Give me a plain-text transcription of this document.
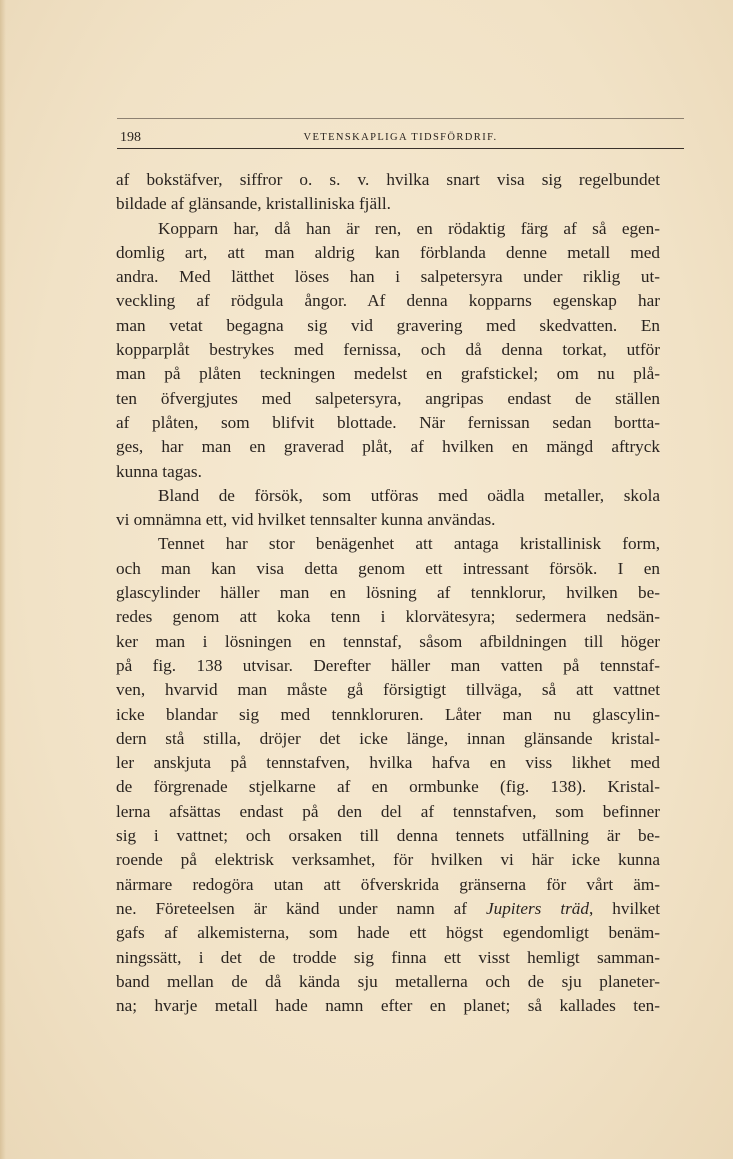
198	VETENSKAPLIGA TIDSFÖRDRIF.
af bokstäfver, siffror o. s. v. hvilka snart visa sig regelbundet
bildade af glänsande, kristalliniska fjäll.
Kopparn har, då han är ren, en rödaktig färg af så egen-
domlig art, att man aldrig kan förblanda denne metall med
andra. Med lätthet löses han i salpetersyra under riklig ut-
veckling af rödgula ångor. Af denna kopparns egenskap har
man vetat begagna sig vid gravering med skedvatten. En
kopparplåt bestrykes med fernissa, och då denna torkat, utför
man på plåten teckningen medelst en grafstickel; om nu plå-
ten öfvergjutes med salpetersyra, angripas endast de ställen
af plåten, som blifvit blottade. När fernissan sedan bortta-
ges, har man en graverad plåt, af hvilken en mängd aftryck
kunna tagas.
Bland de försök, som utföras med oädla metaller, skola
vi omnämna ett, vid hvilket tennsalter kunna användas.
Tennet har stor benägenhet att antaga kristallinisk form,
och man kan visa detta genom ett intressant försök. I en
glascylinder häller man en lösning af tennklorur, hvilken be-
redes genom att koka tenn i klorvätesyra; sedermera nedsän-
ker man i lösningen en tennstaf, såsom afbildningen till höger
på fig. 138 utvisar. Derefter häller man vatten på tennstaf-
ven, hvarvid man måste gå försigtigt tillväga, så att vattnet
icke blandar sig med tennkloruren. Låter man nu glascylin-
dern stå stilla, dröjer det icke länge, innan glänsande kristal-
ler anskjuta på tennstafven, hvilka hafva en viss likhet med
de förgrenade stjelkarne af en ormbunke (fig. 138). Kristal-
lerna afsättas endast på den del af tennstafven, som befinner
sig i vattnet; och orsaken till denna tennets utfällning är be-
roende på elektrisk verksamhet, för hvilken vi här icke kunna
närmare redogöra utan att öfverskrida gränserna för vårt äm-
ne. Företeelsen är känd under namn af Jupiters träd, hvilket
gafs af alkemisterna, som hade ett högst egendomligt benäm-
ningssätt, i det de trodde sig finna ett visst hemligt samman-
band mellan de då kända sju metallerna och de sju planeter-
na; hvarje metall hade namn efter en planet; så kallades ten-
